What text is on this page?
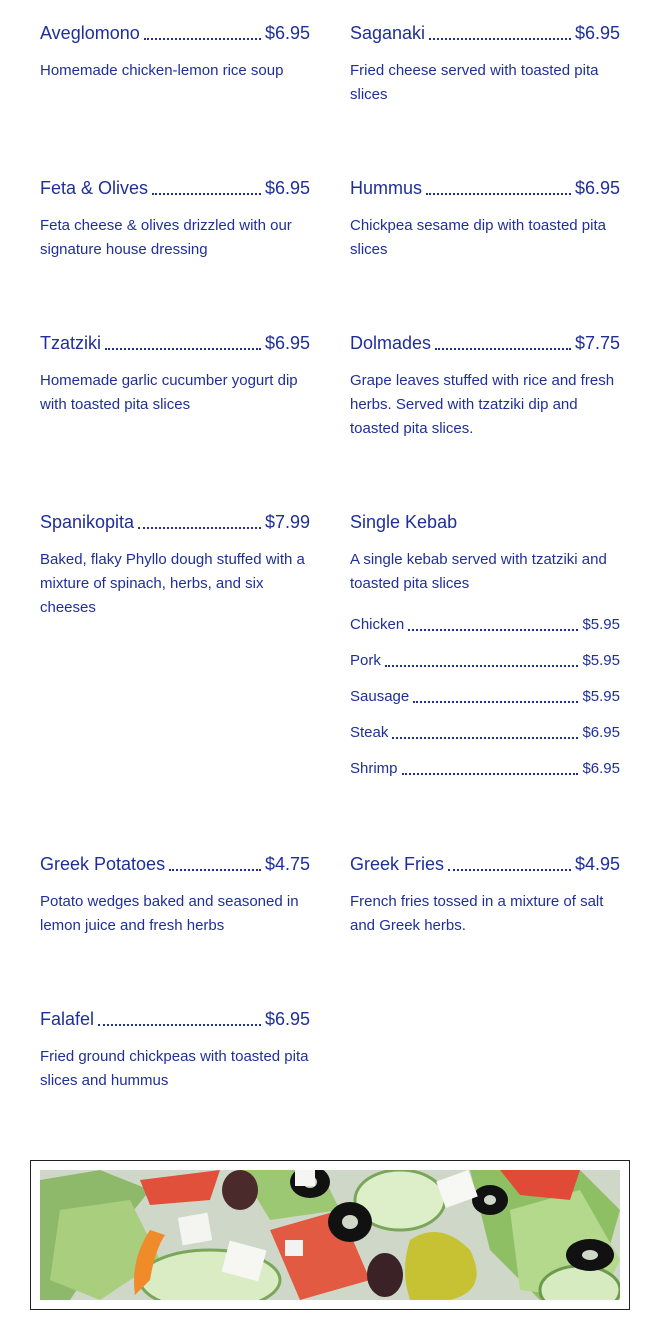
Aveglomono	$6.95
Homemade chicken-lemon rice soup
Saganaki	$6.95
Fried cheese served with toasted pita slices
Feta & Olives	$6.95
Feta cheese & olives drizzled with our signature house dressing
Hummus	$6.95
Chickpea sesame dip with toasted pita slices
Tzatziki	$6.95
Homemade garlic cucumber yogurt dip with toasted pita slices
Dolmades	$7.75
Grape leaves stuffed with rice and fresh herbs. Served with tzatziki dip and toasted pita slices.
Spanikopita	$7.99
Baked, flaky Phyllo dough stuffed with a mixture of spinach, herbs, and six cheeses
Single Kebab
A single kebab served with tzatziki and toasted pita slices
Chicken	$5.95
Pork	$5.95
Sausage	$5.95
Steak	$6.95
Shrimp	$6.95
Greek Potatoes	$4.75
Potato wedges baked and seasoned in lemon juice and fresh herbs
Greek Fries	$4.95
French fries tossed in a mixture of salt and Greek herbs.
Falafel	$6.95
Fried ground chickpeas with toasted pita slices and hummus
